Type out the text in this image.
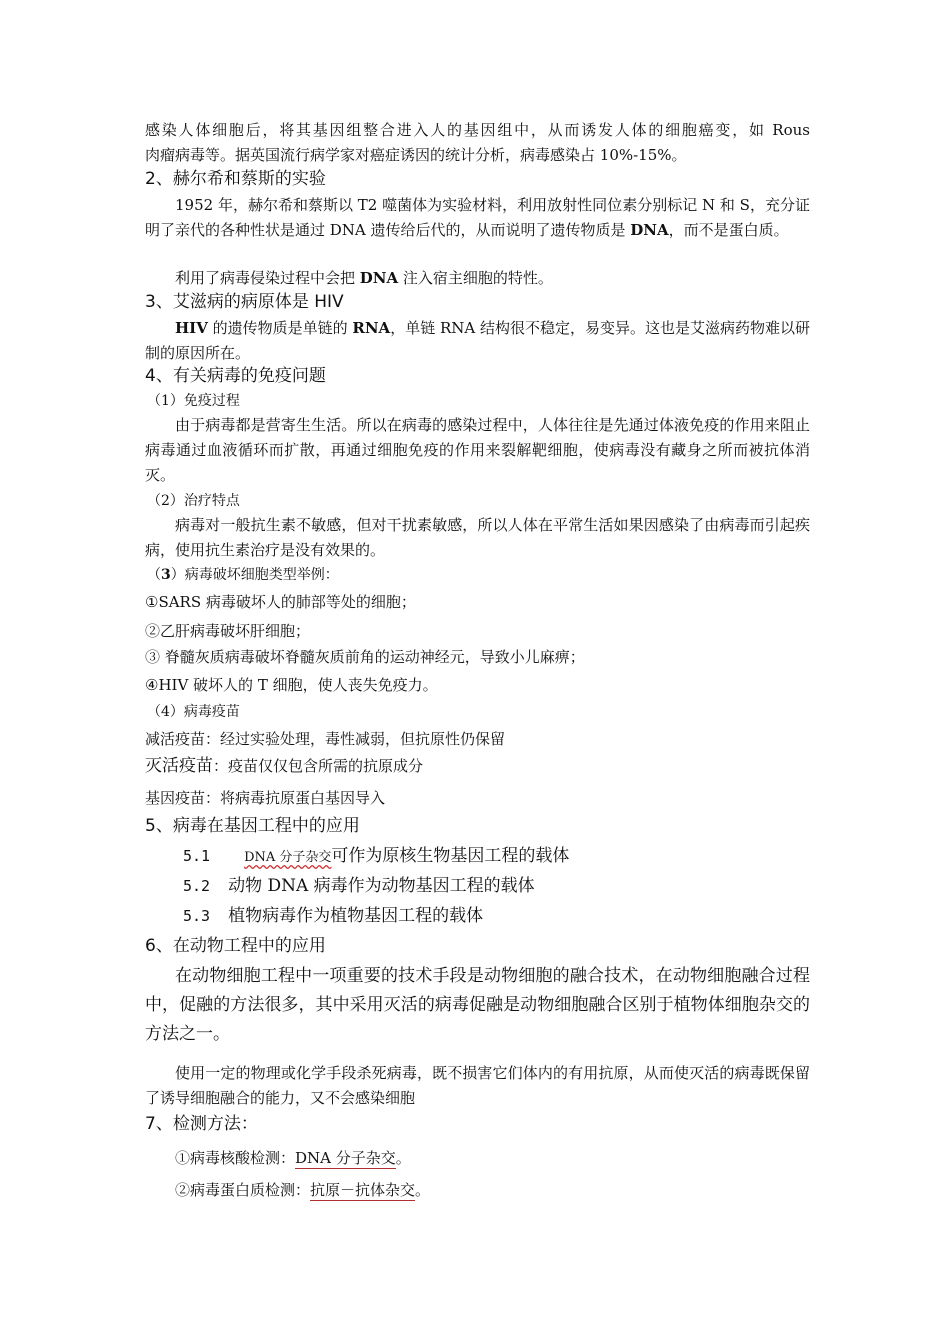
感染人体细胞后，将其基因组整合进入人的基因组中，从而诱发人体的细胞癌变，如 Rous
肉瘤病毒等。据英国流行病学家对癌症诱因的统计分析，病毒感染占 10%-15%。
2、赫尔希和蔡斯的实验

1952 年，赫尔希和蔡斯以 T2 噬菌体为实验材料，利用放射性同位素分别标记 N 和 S，充分证明了亲代的各种性状是通过 DNA 遗传给后代的，从而说明了遗传物质是 DNA，而不是蛋白质。

利用了病毒侵染过程中会把 DNA 注入宿主细胞的特性。

3、艾滋病的病原体是 HIV

HIV 的遗传物质是单链的 RNA，单链 RNA 结构很不稳定，易变异。这也是艾滋病药物难以研制的原因所在。

4、有关病毒的免疫问题
（1）免疫过程

由于病毒都是营寄生生活。所以在病毒的感染过程中，人体往往是先通过体液免疫的作用来阻止病毒通过血液循环而扩散，再通过细胞免疫的作用来裂解靶细胞，使病毒没有藏身之所而被抗体消灭。

（2）治疗特点

病毒对一般抗生素不敏感，但对干扰素敏感，所以人体在平常生活如果因感染了由病毒而引起疾病，使用抗生素治疗是没有效果的。

（3）病毒破坏细胞类型举例：
①SARS 病毒破坏人的肺部等处的细胞；
②乙肝病毒破坏肝细胞；
③ 脊髓灰质病毒破坏脊髓灰质前角的运动神经元，导致小儿麻痹；
④HIV 破坏人的 T 细胞，使人丧失免疫力。
（4）病毒疫苗
减活疫苗：经过实验处理，毒性减弱，但抗原性仍保留
灭活疫苗：疫苗仅仅包含所需的抗原成分
基因疫苗：将病毒抗原蛋白基因导入
5、病毒在基因工程中的应用
5.1	DNA 分子杂交可作为原核生物基因工程的载体
5.2 动物 DNA 病毒作为动物基因工程的载体
5.3 植物病毒作为植物基因工程的载体
6、在动物工程中的应用

在动物细胞工程中一项重要的技术手段是动物细胞的融合技术，在动物细胞融合过程中，促融的方法很多，其中采用灭活的病毒促融是动物细胞融合区别于植物体细胞杂交的方法之一。

使用一定的物理或化学手段杀死病毒，既不损害它们体内的有用抗原，从而使灭活的病毒既保留了诱导细胞融合的能力，又不会感染细胞

7、检测方法：
①病毒核酸检测：DNA 分子杂交。
②病毒蛋白质检测：抗原－抗体杂交。
